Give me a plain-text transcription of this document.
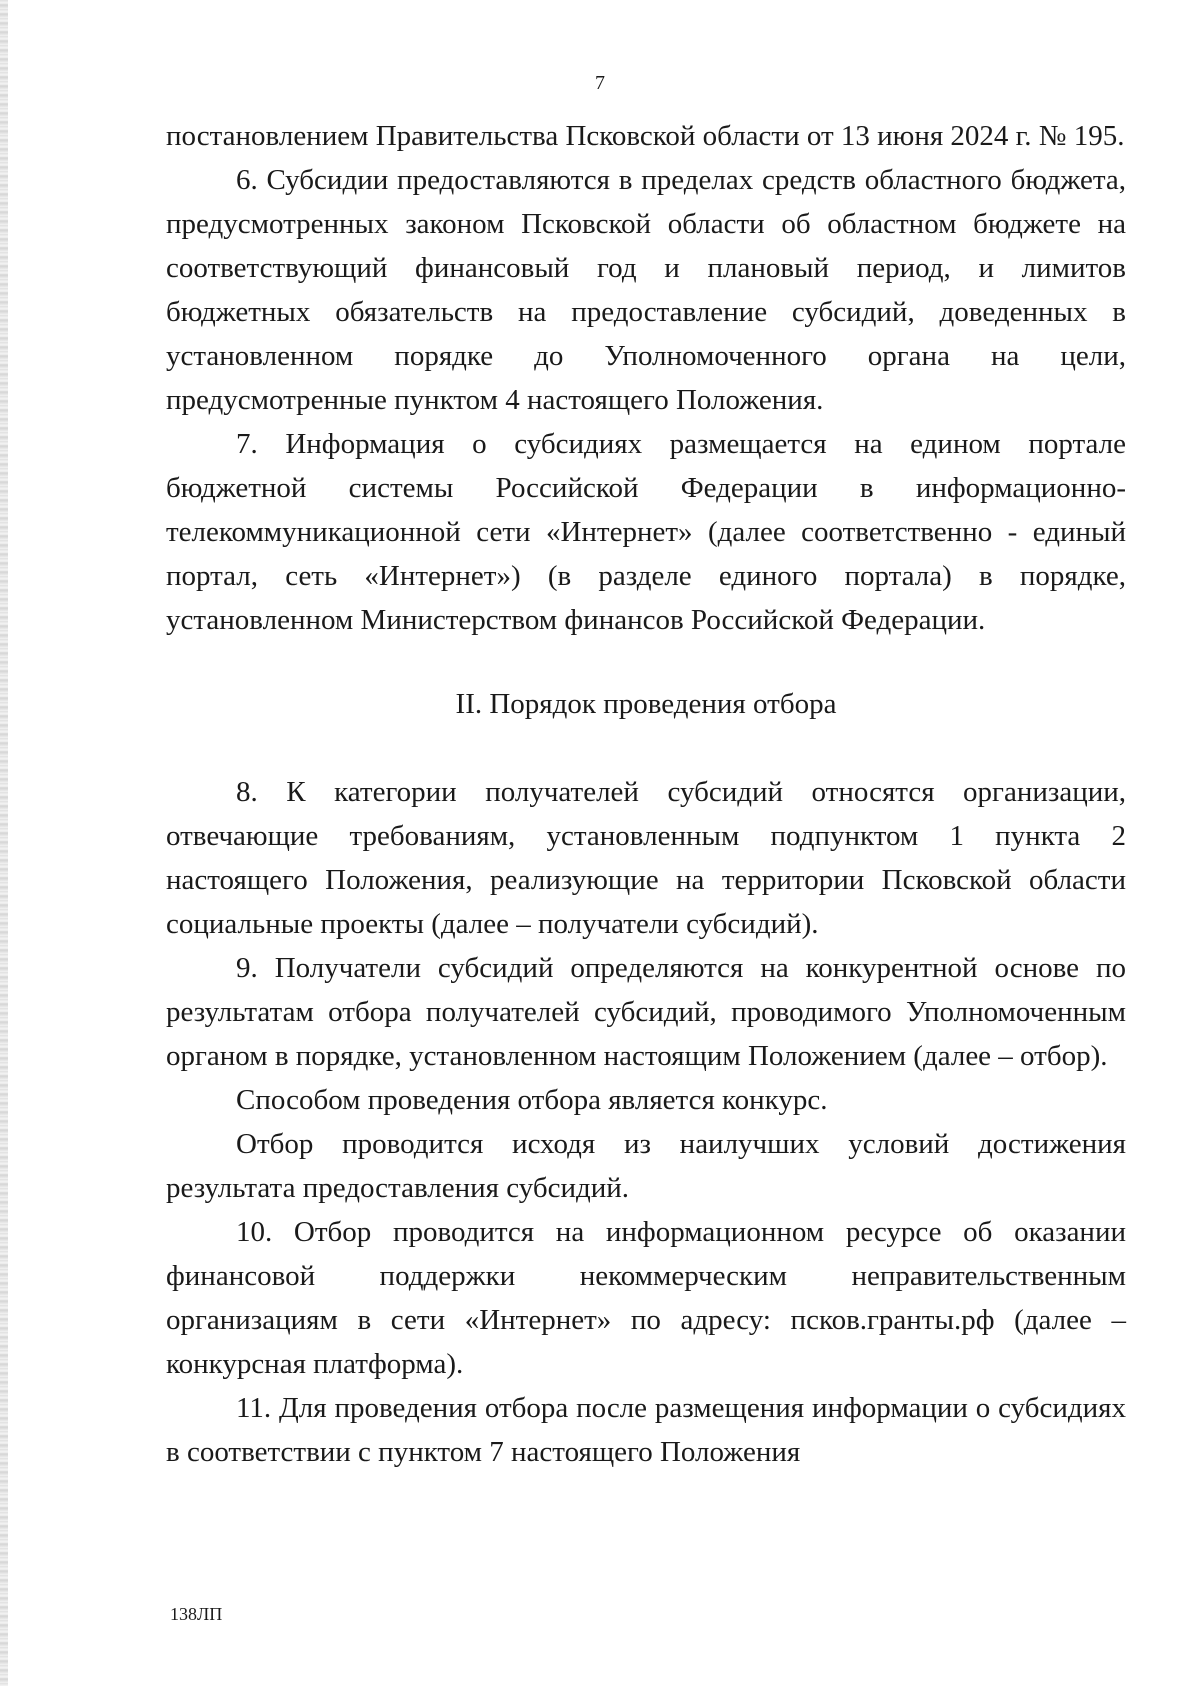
7

постановлением Правительства Псковской области от 13 июня 2024 г. № 195.

6. Субсидии предоставляются в пределах средств областного бюджета, предусмотренных законом Псковской области об областном бюджете на соответствующий финансовый год и плановый период, и лимитов бюджетных обязательств на предоставление субсидий, доведенных в установленном порядке до Уполномоченного органа на цели, предусмотренные пунктом 4 настоящего Положения.

7. Информация о субсидиях размещается на едином портале бюджетной системы Российской Федерации в информационно-телекоммуникационной сети «Интернет» (далее соответственно - единый портал, сеть «Интернет») (в разделе единого портала) в порядке, установленном Министерством финансов Российской Федерации.

II. Порядок проведения отбора

8. К категории получателей субсидий относятся организации, отвечающие требованиям, установленным подпунктом 1 пункта 2 настоящего Положения, реализующие на территории Псковской области социальные проекты (далее – получатели субсидий).

9. Получатели субсидий определяются на конкурентной основе по результатам отбора получателей субсидий, проводимого Уполномоченным органом в порядке, установленном настоящим Положением (далее – отбор).

Способом проведения отбора является конкурс.

Отбор проводится исходя из наилучших условий достижения результата предоставления субсидий.

10. Отбор проводится на информационном ресурсе об оказании финансовой поддержки некоммерческим неправительственным организациям в сети «Интернет» по адресу: псков.гранты.рф (далее – конкурсная платформа).

11. Для проведения отбора после размещения информации о субсидиях в соответствии с пунктом 7 настоящего Положения

138ЛП
